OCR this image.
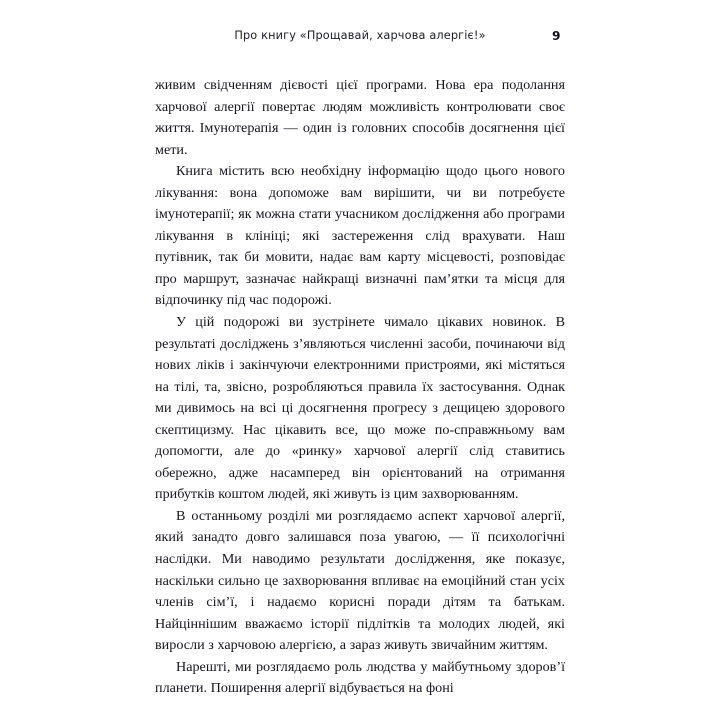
Про книгу «Прощавай, харчова алергіє!»	9

живим свідченням дієвості цієї програми. Нова ера подолання харчової алергії повертає людям можливість контролювати своє життя. Імунотерапія — один із головних способів досягнення цієї мети.

Книга містить всю необхідну інформацію щодо цього нового лікування: вона допоможе вам вирішити, чи ви потребуєте імунотерапії; як можна стати учасником дослідження або програми лікування в клініці; які застереження слід врахувати. Наш путівник, так би мовити, надає вам карту місцевості, розповідає про маршрут, зазначає найкращі визначні пам’ятки та місця для відпочинку під час подорожі.

У цій подорожі ви зустрінете чимало цікавих новинок. В результаті досліджень з’являються численні засоби, починаючи від нових ліків і закінчуючи електронними пристроями, які містяться на тілі, та, звісно, розробляються правила їх застосування. Однак ми дивимось на всі ці досягнення прогресу з дещицею здорового скептицизму. Нас цікавить все, що може по-справжньому вам допомогти, але до «ринку» харчової алергії слід ставитись обережно, адже насамперед він орієнтований на отримання прибутків коштом людей, які живуть із цим захворюванням.

В останньому розділі ми розглядаємо аспект харчової алергії, який занадто довго залишався поза увагою, — її психологічні наслідки. Ми наводимо результати дослідження, яке показує, наскільки сильно це захворювання впливає на емоційний стан усіх членів сім’ї, і надаємо корисні поради дітям та батькам. Найціннішим вважаємо історії підлітків та молодих людей, які виросли з харчовою алергією, а зараз живуть звичайним життям.

Нарешті, ми розглядаємо роль людства у майбутньому здоров’ї планети. Поширення алергії відбувається на фоні
